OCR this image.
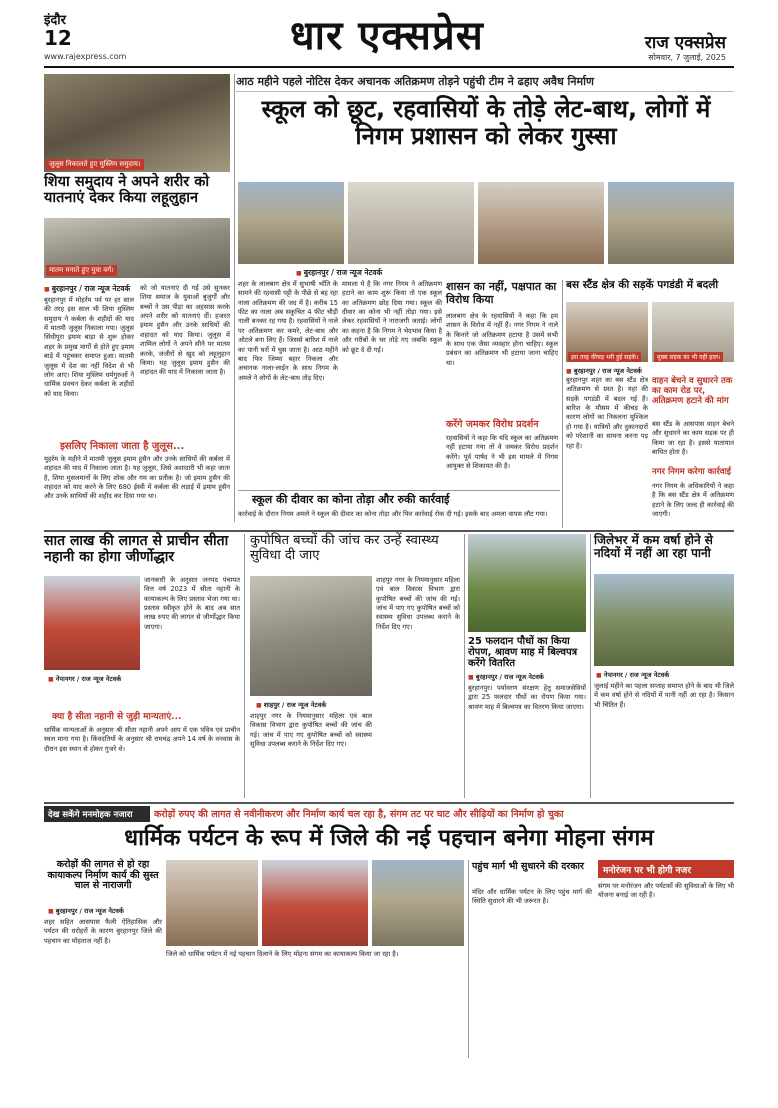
इंदौर
12
www.rajexpress.com	धार एक्सप्रेस	राज एक्सप्रेस
सोमवार, 7 जुलाई, 2025
जुलूस निकालते हुए मुस्लिम समुदाय।
शिया समुदाय ने अपने शरीर को यातनाएं देकर किया लहूलुहान
मातम मनाते हुए युवा वर्ग।
■ बुरहानपुर / राज न्यूज नेटवर्क
बुरहानपुर में मोहर्रम पर्व पर हर साल की तरह इस साल भी शिया मुस्लिम समुदाय ने कर्बला के शहीदों की याद में मातमी जुलूस निकाला गया। जुलूस सिंधीपुरा इमाम बाड़ा से शुरू होकर शहर के प्रमुख मार्गों से होते हुए इमाम बाड़े में पहुंचकर समाप्त हुआ। मातमी जुलूस में देश का नहीं विदेश से भी लोग आए। शिया मुस्लिम धर्मगुरुओं ने धार्मिक प्रवचन देकर कर्बला के शहीदों को याद किया।
को जो यातनाएं दी गईं उसे सुनकर शिया समाज के युवाओं बुजुर्गों और बच्चों ने उस पीड़ा का अहसास करके अपने शरीर को यातनाएं दीं। हजरत इमाम हुसैन और उनके साथियों की शहादत को याद किया। जुलूस में शामिल लोगों ने अपने सीने पर मातम करके, जंजीरों से खुद को लहूलुहान किया। यह जुलूस इमाम हुसैन की शहादत की याद में निकाला जाता है।
इसलिए निकाला जाता है जुलूस...
मुहर्रम के महीने में मातमी जुलूस इमाम हुसैन और उनके साथियों की कर्बला में शहादत की याद में निकाला जाता है। यह जुलूस, जिसे अशादारी भी कहा जाता है, शिया मुसलमानों के लिए शोक और गम का प्रतीक है। जो इमाम हुसैन की शहादत को याद करने के लिए 680 ईस्वी में कर्बला की लड़ाई में इमाम हुसैन और उनके साथियों की शहीद कर दिया गया था।
आठ महीने पहले नोटिस देकर अचानक अतिक्रमण तोड़ने पहुंची टीम ने ढहाए अवैध निर्माण
स्कूल को छूट, रहवासियों के तोड़े लेट-बाथ, लोगों में निगम प्रशासन को लेकर गुस्सा
■ बुरहानपुर / राज न्यूज नेटवर्क
शहर के लालबाग क्षेत्र में सुभाषी भाँति के सामने की रहवासी पट्टी के पीछे से बह रहा नाला अतिक्रमण की जद में है। करीब 15 फीट का नाला अब सकुचित 4 फीट चौड़ी नाली बनकर रह गया है। रहवासियों ने नाले पर अतिक्रमण कर कमरे, लेट-बाथ और ओटले बना लिए हैं। जिससे बारिश में नाले का पानी घरों में घुस जाता है। आठ महीने बाद फिर जिम्मा बहार निकला और अचानक नाला-लाईन के साथ निगम के अमले ने लोगों के लेट-बाथ तोड़ दिए।
मामला ये है कि नगर निगम ने अतिक्रमण हटाने का काम शुरू किया तो एक स्कूल का अतिक्रमण छोड़ दिया गया। स्कूल की दीवार का कोना भी नहीं तोड़ा गया। इसे लेकर रहवासियों ने नाराजगी जताई। लोगों का कहना है कि निगम ने भेदभाव किया है और गरीबों के घर तोड़े गए जबकि स्कूल को छूट दे दी गई।
शासन का नहीं, पक्षपात का विरोध किया
लालबाग क्षेत्र के रहवासियों ने कहा कि हम शासन के विरोध में नहीं हैं। नगर निगम ने नाले के किनारे जो अतिक्रमण हटाया है उसमें सभी के साथ एक जैसा व्यवहार होना चाहिए। स्कूल प्रबंधन का अतिक्रमण भी हटाया जाना चाहिए था।
करेंगे जमकर विरोध प्रदर्शन
रहवासियों ने कहा कि यदि स्कूल का अतिक्रमण नहीं हटाया गया तो वे जमकर विरोध प्रदर्शन करेंगे। पूर्व पार्षद ने भी इस मामले में निगम आयुक्त से शिकायत की है।
स्कूल की दीवार का कोना तोड़ा और रुकी कार्रवाई
कार्रवाई के दौरान निगम अमले ने स्कूल की दीवार का कोना तोड़ा और फिर कार्रवाई रोक दी गई। इसके बाद अमला वापस लौट गया।
बस स्टैंड क्षेत्र की सड़कें पगडंडी में बदली
इस तरह कीचड़ भरी हुई सड़कें।	मुख्य सड़क का भी यही हाल।
■ बुरहानपुर / राज न्यूज नेटवर्क
बुरहानपुर शहर का बस स्टैंड क्षेत्र अतिक्रमण से ग्रस्त है। यहां की सड़कें पगडंडी में बदल गई हैं। बारिश के मौसम में कीचड़ के कारण लोगों का निकलना मुश्किल हो गया है। यात्रियों और दुकानदारों को परेशानी का सामना करना पड़ रहा है।
वाहन बेचने व सुधारने तक का काम रोड पर, अतिक्रमण हटाने की मांग
बस स्टैंड के आसपास वाहन बेचने और सुधारने का काम सड़क पर ही किया जा रहा है। इससे यातायात बाधित होता है।
नगर निगम करेगा कार्रवाई
नगर निगम के अधिकारियों ने कहा है कि बस स्टैंड क्षेत्र में अतिक्रमण हटाने के लिए जल्द ही कार्रवाई की जाएगी।
सात लाख की लागत से प्राचीन सीता नहानी का होगा जीर्णोद्धार
■ नेपानगर / राज न्यूज नेटवर्क
जानकारी के अनुसार जनपद पंचायत वित्त वर्ष 2023 में सीता नहानी के कायाकल्प के लिए प्रस्ताव भेजा गया था। प्रस्ताव स्वीकृत होने के बाद अब सात लाख रुपए की लागत से जीर्णोद्धार किया जाएगा।
क्या है सीता नहानी से जुड़ी मान्यताएं...
धार्मिक मान्यताओं के अनुसार श्री सीता नहानी अपने आप में एक पवित्र एवं प्राचीन स्थल माना गया है। किंवदंतियों के अनुसार श्री रामचंद्र अपने 14 वर्ष के वनवास के दौरान इस स्थान से होकर गुजरे थे।
कुपोषित बच्चों की जांच कर उन्हें स्वास्थ्य सुविधा दी जाए
■ शाहपुर / राज न्यूज नेटवर्क
शाहपुर नगर के नियमानुसार महिला एवं बाल विकास विभाग द्वारा कुपोषित बच्चों की जांच की गई। जांच में पाए गए कुपोषित बच्चों को स्वास्थ्य सुविधा उपलब्ध कराने के निर्देश दिए गए।
शाहपुर नगर के नियमानुसार महिला एवं बाल विकास विभाग द्वारा कुपोषित बच्चों की जांच की गई। जांच में पाए गए कुपोषित बच्चों को स्वास्थ्य सुविधा उपलब्ध कराने के निर्देश दिए गए।
25 फलदान पौधों का किया रोपण, श्रावण माह में बिल्वपत्र करेंगे वितरित
■ बुरहानपुर / राज न्यूज नेटवर्क
बुरहानपुर। पर्यावरण संरक्षण हेतु समाजसेवियों द्वारा 25 फलदार पौधों का रोपण किया गया। श्रावण माह में बिल्वपत्र का वितरण किया जाएगा।
जिलेभर में कम वर्षा होने से नदियों में नहीं आ रहा पानी
■ नेपानगर / राज न्यूज नेटवर्क
जुलाई महीने का पहला सप्ताह समाप्त होने के बाद भी जिले में कम वर्षा होने से नदियों में पानी नहीं आ रहा है। किसान भी चिंतित हैं।
देख सकेंगे मनमोहक नजारा	करोड़ों रुपए की लागत से नवीनीकरण और निर्माण कार्य चल रहा है, संगम तट पर घाट और सीढ़ियों का निर्माण हो चुका
धार्मिक पर्यटन के रूप में जिले की नई पहचान बनेगा मोहना संगम
करोड़ों की लागत से हो रहा कायाकल्प निर्माण कार्य की सुस्त चाल से नाराजगी
■ बुरहानपुर / राज न्यूज नेटवर्क
शहर सहित आसपास फैली ऐतिहासिक और पर्यटन की धरोहरों के कारण बुरहानपुर जिले की पहचान का मोहताज नहीं है।
जिले को धार्मिक पर्यटन में नई पहचान दिलाने के लिए मोहना संगम का कायाकल्प किया जा रहा है।
पहुंच मार्ग भी सुधारने की दरकार
मंदिर और धार्मिक पर्यटन के लिए पहुंच मार्ग की स्थिति सुधारने की भी जरूरत है।
मनोरंजन पर भी होगी नजर
संगम पर मनोरंजन और पर्यटकों की सुविधाओं के लिए भी योजना बनाई जा रही है।
